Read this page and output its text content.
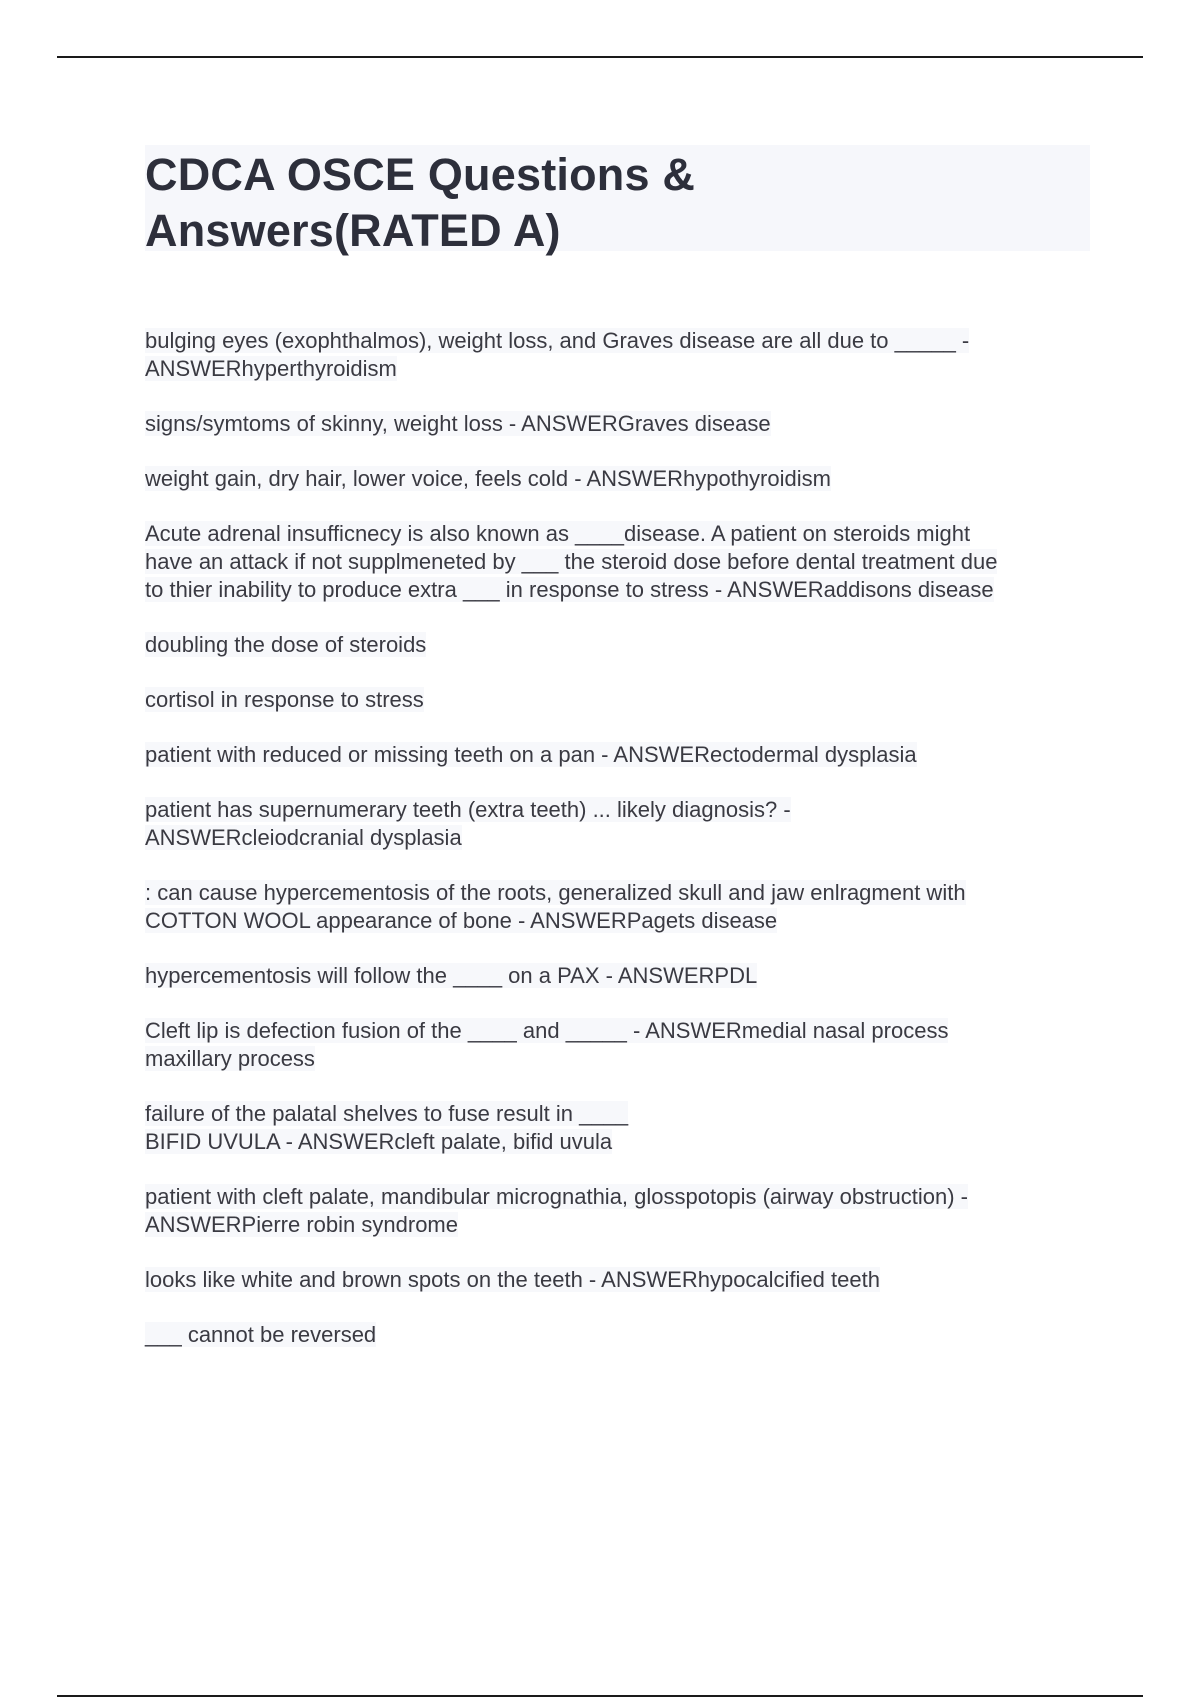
CDCA OSCE Questions &
Answers(RATED A)
bulging eyes (exophthalmos), weight loss, and Graves disease are all due to _____ -
ANSWERhyperthyroidism
signs/symtoms of skinny, weight loss - ANSWERGraves disease
weight gain, dry hair, lower voice, feels cold - ANSWERhypothyroidism
Acute adrenal insufficnecy is also known as ____disease. A patient on steroids might
have an attack if not supplmeneted by ___ the steroid dose before dental treatment due
to thier inability to produce extra ___ in response to stress - ANSWERaddisons disease
doubling the dose of steroids
cortisol in response to stress
patient with reduced or missing teeth on a pan - ANSWERectodermal dysplasia
patient has supernumerary teeth (extra teeth) ... likely diagnosis? -
ANSWERcleiodcranial dysplasia
: can cause hypercementosis of the roots, generalized skull and jaw enlragment with
COTTON WOOL appearance of bone - ANSWERPagets disease
hypercementosis will follow the ____ on a PAX - ANSWERPDL
Cleft lip is defection fusion of the ____ and _____ - ANSWERmedial nasal process
maxillary process
failure of the palatal shelves to fuse result in ____
BIFID UVULA - ANSWERcleft palate, bifid uvula
patient with cleft palate, mandibular micrognathia, glosspotopis (airway obstruction) -
ANSWERPierre robin syndrome
looks like white and brown spots on the teeth - ANSWERhypocalcified teeth
___ cannot be reversed
